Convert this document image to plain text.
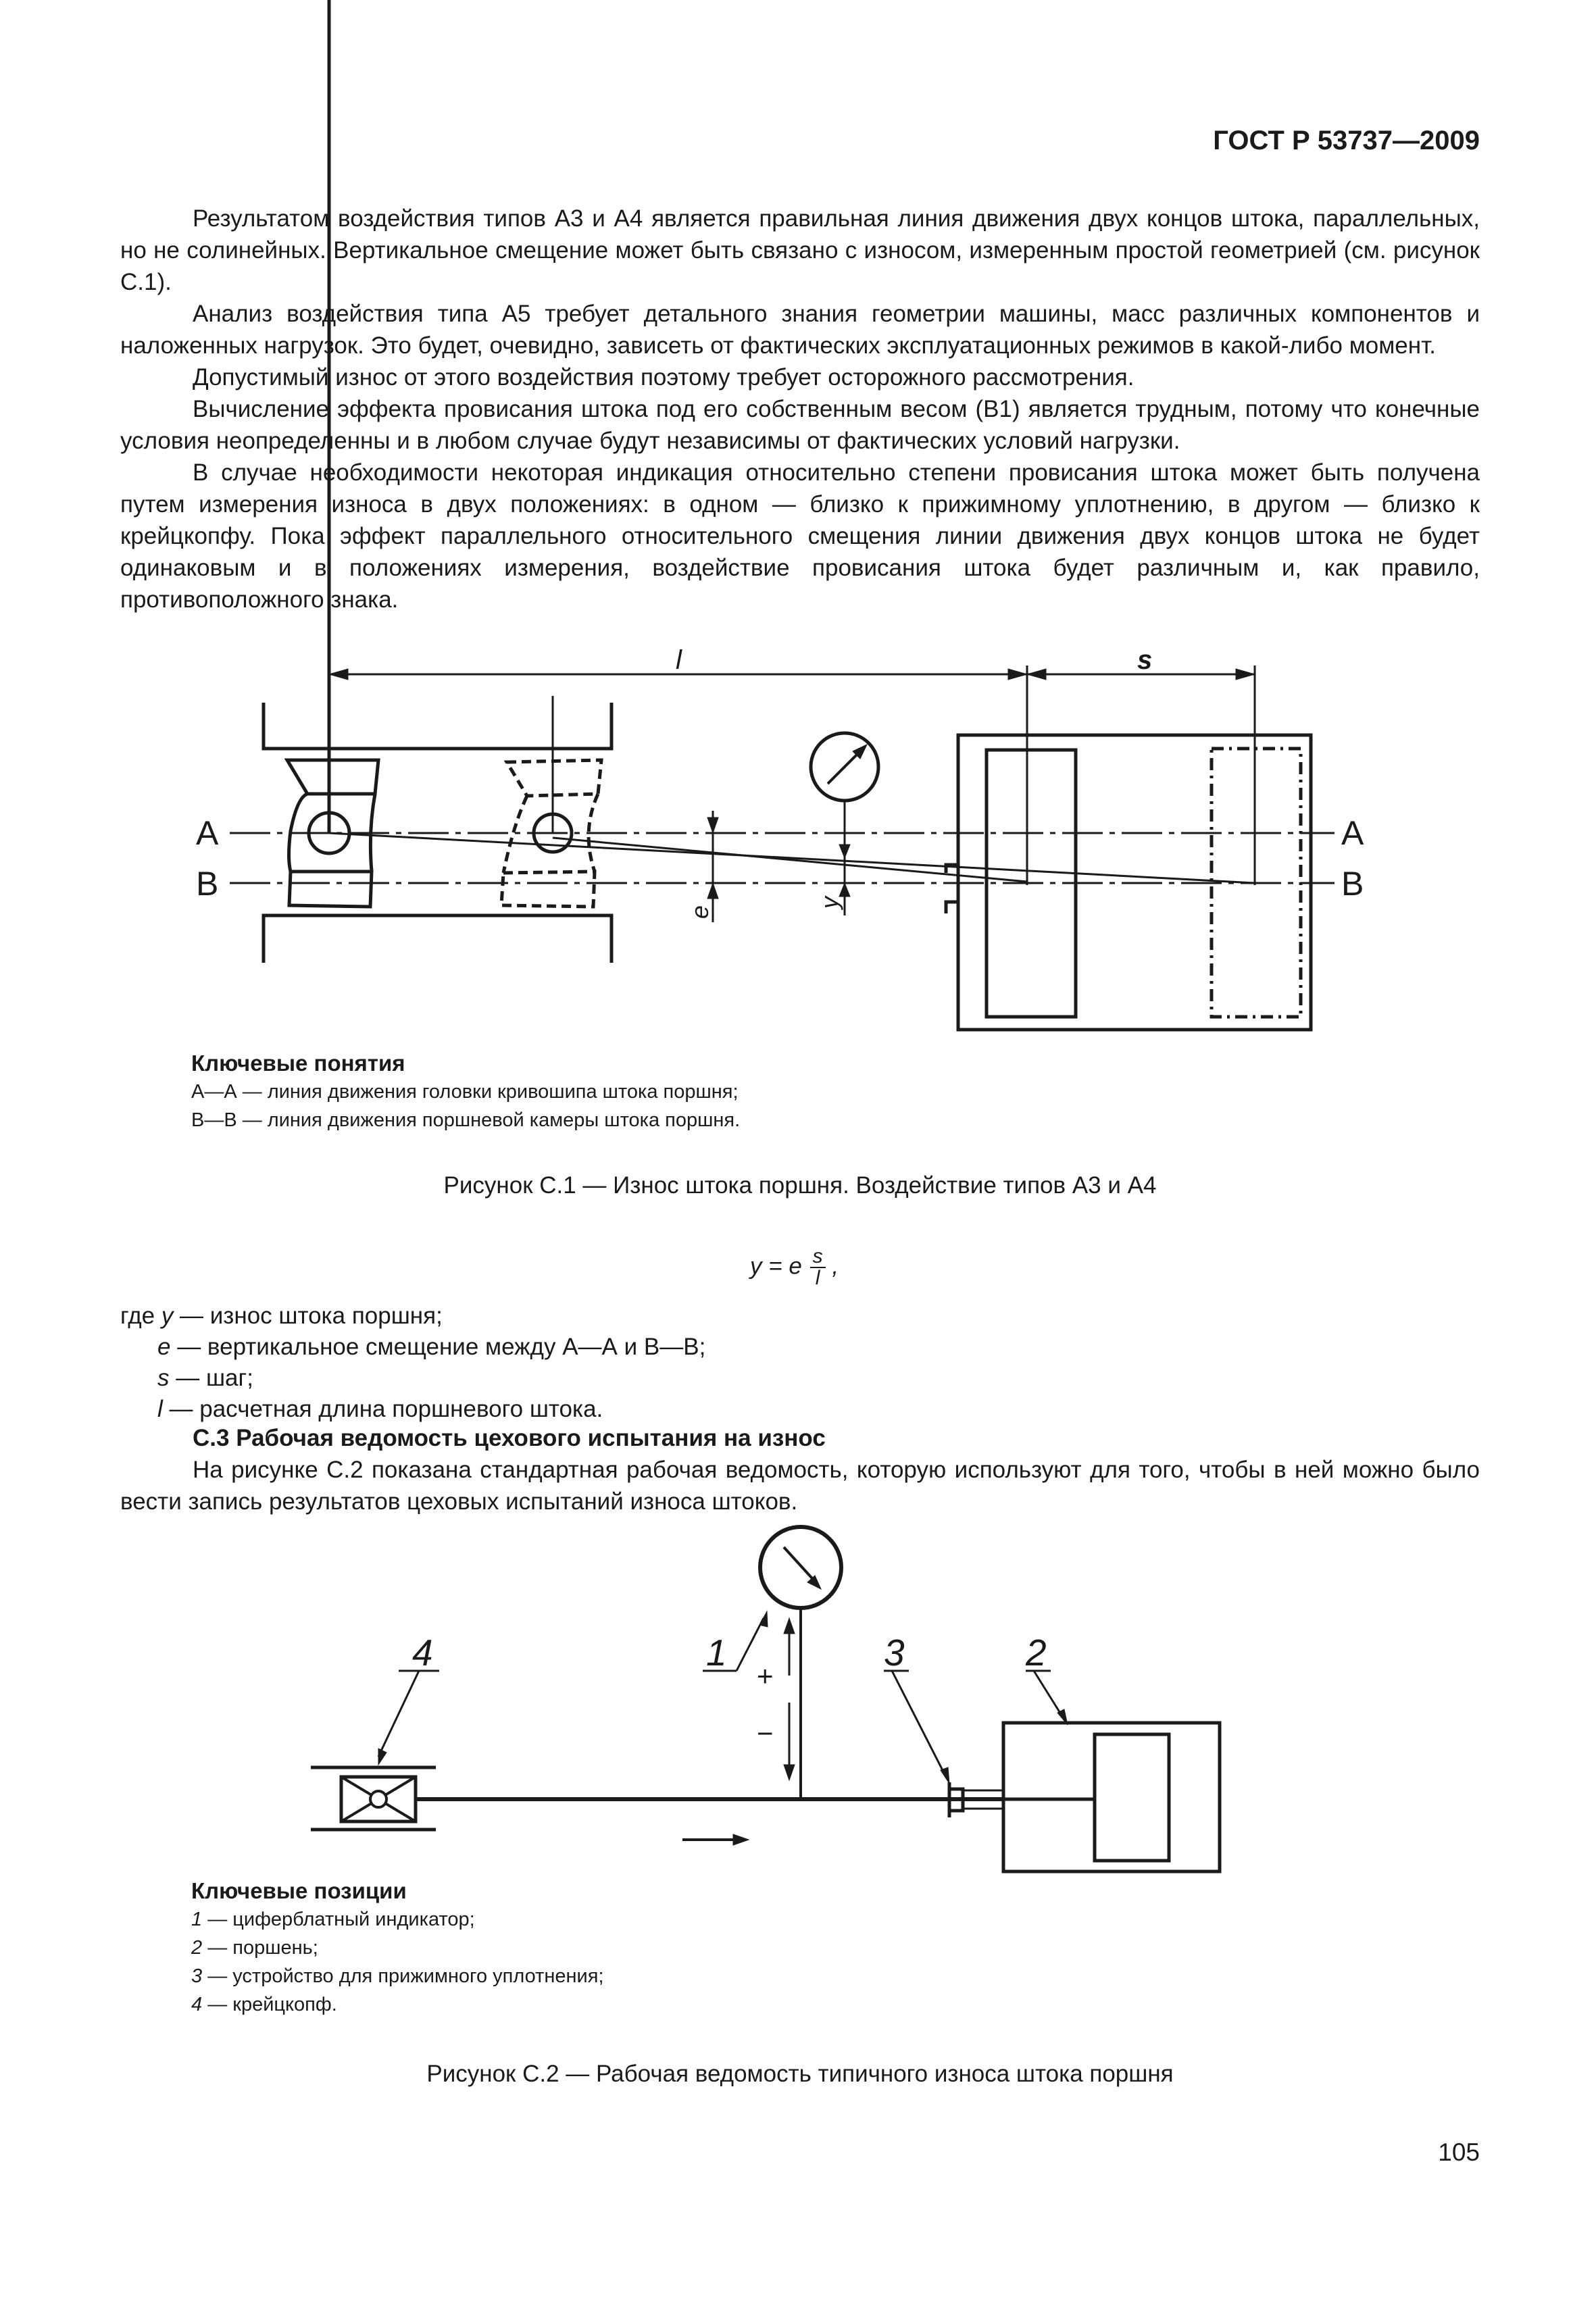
ГОСТ Р 53737—2009

Результатом воздействия типов А3 и А4 является правильная линия движения двух концов штока, параллельных, но не солинейных. Вертикальное смещение может быть связано с износом, измеренным простой геометрией (см. рисунок С.1).

Анализ воздействия типа А5 требует детального знания геометрии машины, масс различных компонентов и наложенных нагрузок. Это будет, очевидно, зависеть от фактических эксплуатационных режимов в какой-либо момент.

Допустимый износ от этого воздействия поэтому требует осторожного рассмотрения.

Вычисление эффекта провисания штока под его собственным весом (В1) является трудным, потому что конечные условия неопределенны и в любом случае будут независимы от фактических условий нагрузки.

В случае необходимости некоторая индикация относительно степени провисания штока может быть получена путем измерения износа в двух положениях: в одном — близко к прижимному уплотнению, в другом — близко к крейцкопфу. Пока эффект параллельного относительного смещения линии движения двух концов штока не будет одинаковым и в положениях измерения, воздействие провисания штока будет различным и, как правило, противоположного знака.

l	s
A	A
B	B
e
y
Ключевые понятия
А—А — линия движения головки кривошипа штока поршня;
В—В — линия движения поршневой камеры штока поршня.
Рисунок С.1 — Износ штока поршня. Воздействие типов А3 и А4
y = e $\frac{s}{l}$ ,
где y — износ штока поршня;
e — вертикальное смещение между А—А и В—В;
s — шаг;
l — расчетная длина поршневого штока.

С.3 Рабочая ведомость цехового испытания на износ

На рисунке С.2 показана стандартная рабочая ведомость, которую используют для того, чтобы в ней можно было вести запись результатов цеховых испытаний износа штоков.

4	1	3	2
+
−
Ключевые позиции
1 — циферблатный индикатор;
2 — поршень;
3 — устройство для прижимного уплотнения;
4 — крейцкопф.
Рисунок С.2 — Рабочая ведомость типичного износа штока поршня
105
